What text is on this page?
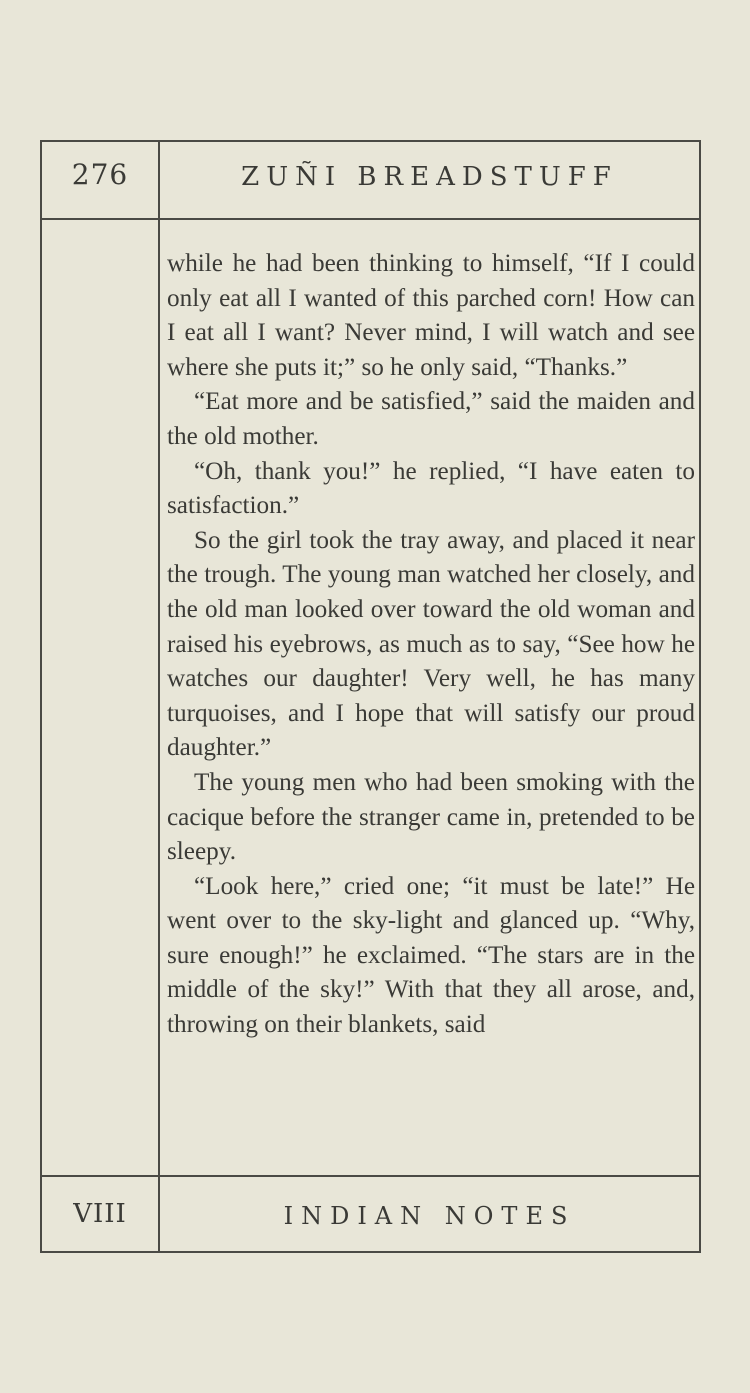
276	ZUÑI BREADSTUFF

while he had been thinking to himself, “If I could only eat all I wanted of this parched corn! How can I eat all I want? Never mind, I will watch and see where she puts it;” so he only said, “Thanks.”

“Eat more and be satisfied,” said the maiden and the old mother.

“Oh, thank you!” he replied, “I have eaten to satisfaction.”

So the girl took the tray away, and placed it near the trough. The young man watched her closely, and the old man looked over toward the old woman and raised his eyebrows, as much as to say, “See how he watches our daughter! Very well, he has many turquoises, and I hope that will satisfy our proud daughter.”

The young men who had been smoking with the cacique before the stranger came in, pretended to be sleepy.

“Look here,” cried one; “it must be late!” He went over to the sky-light and glanced up. “Why, sure enough!” he exclaimed. “The stars are in the middle of the sky!” With that they all arose, and, throwing on their blankets, said

VIII	INDIAN NOTES
